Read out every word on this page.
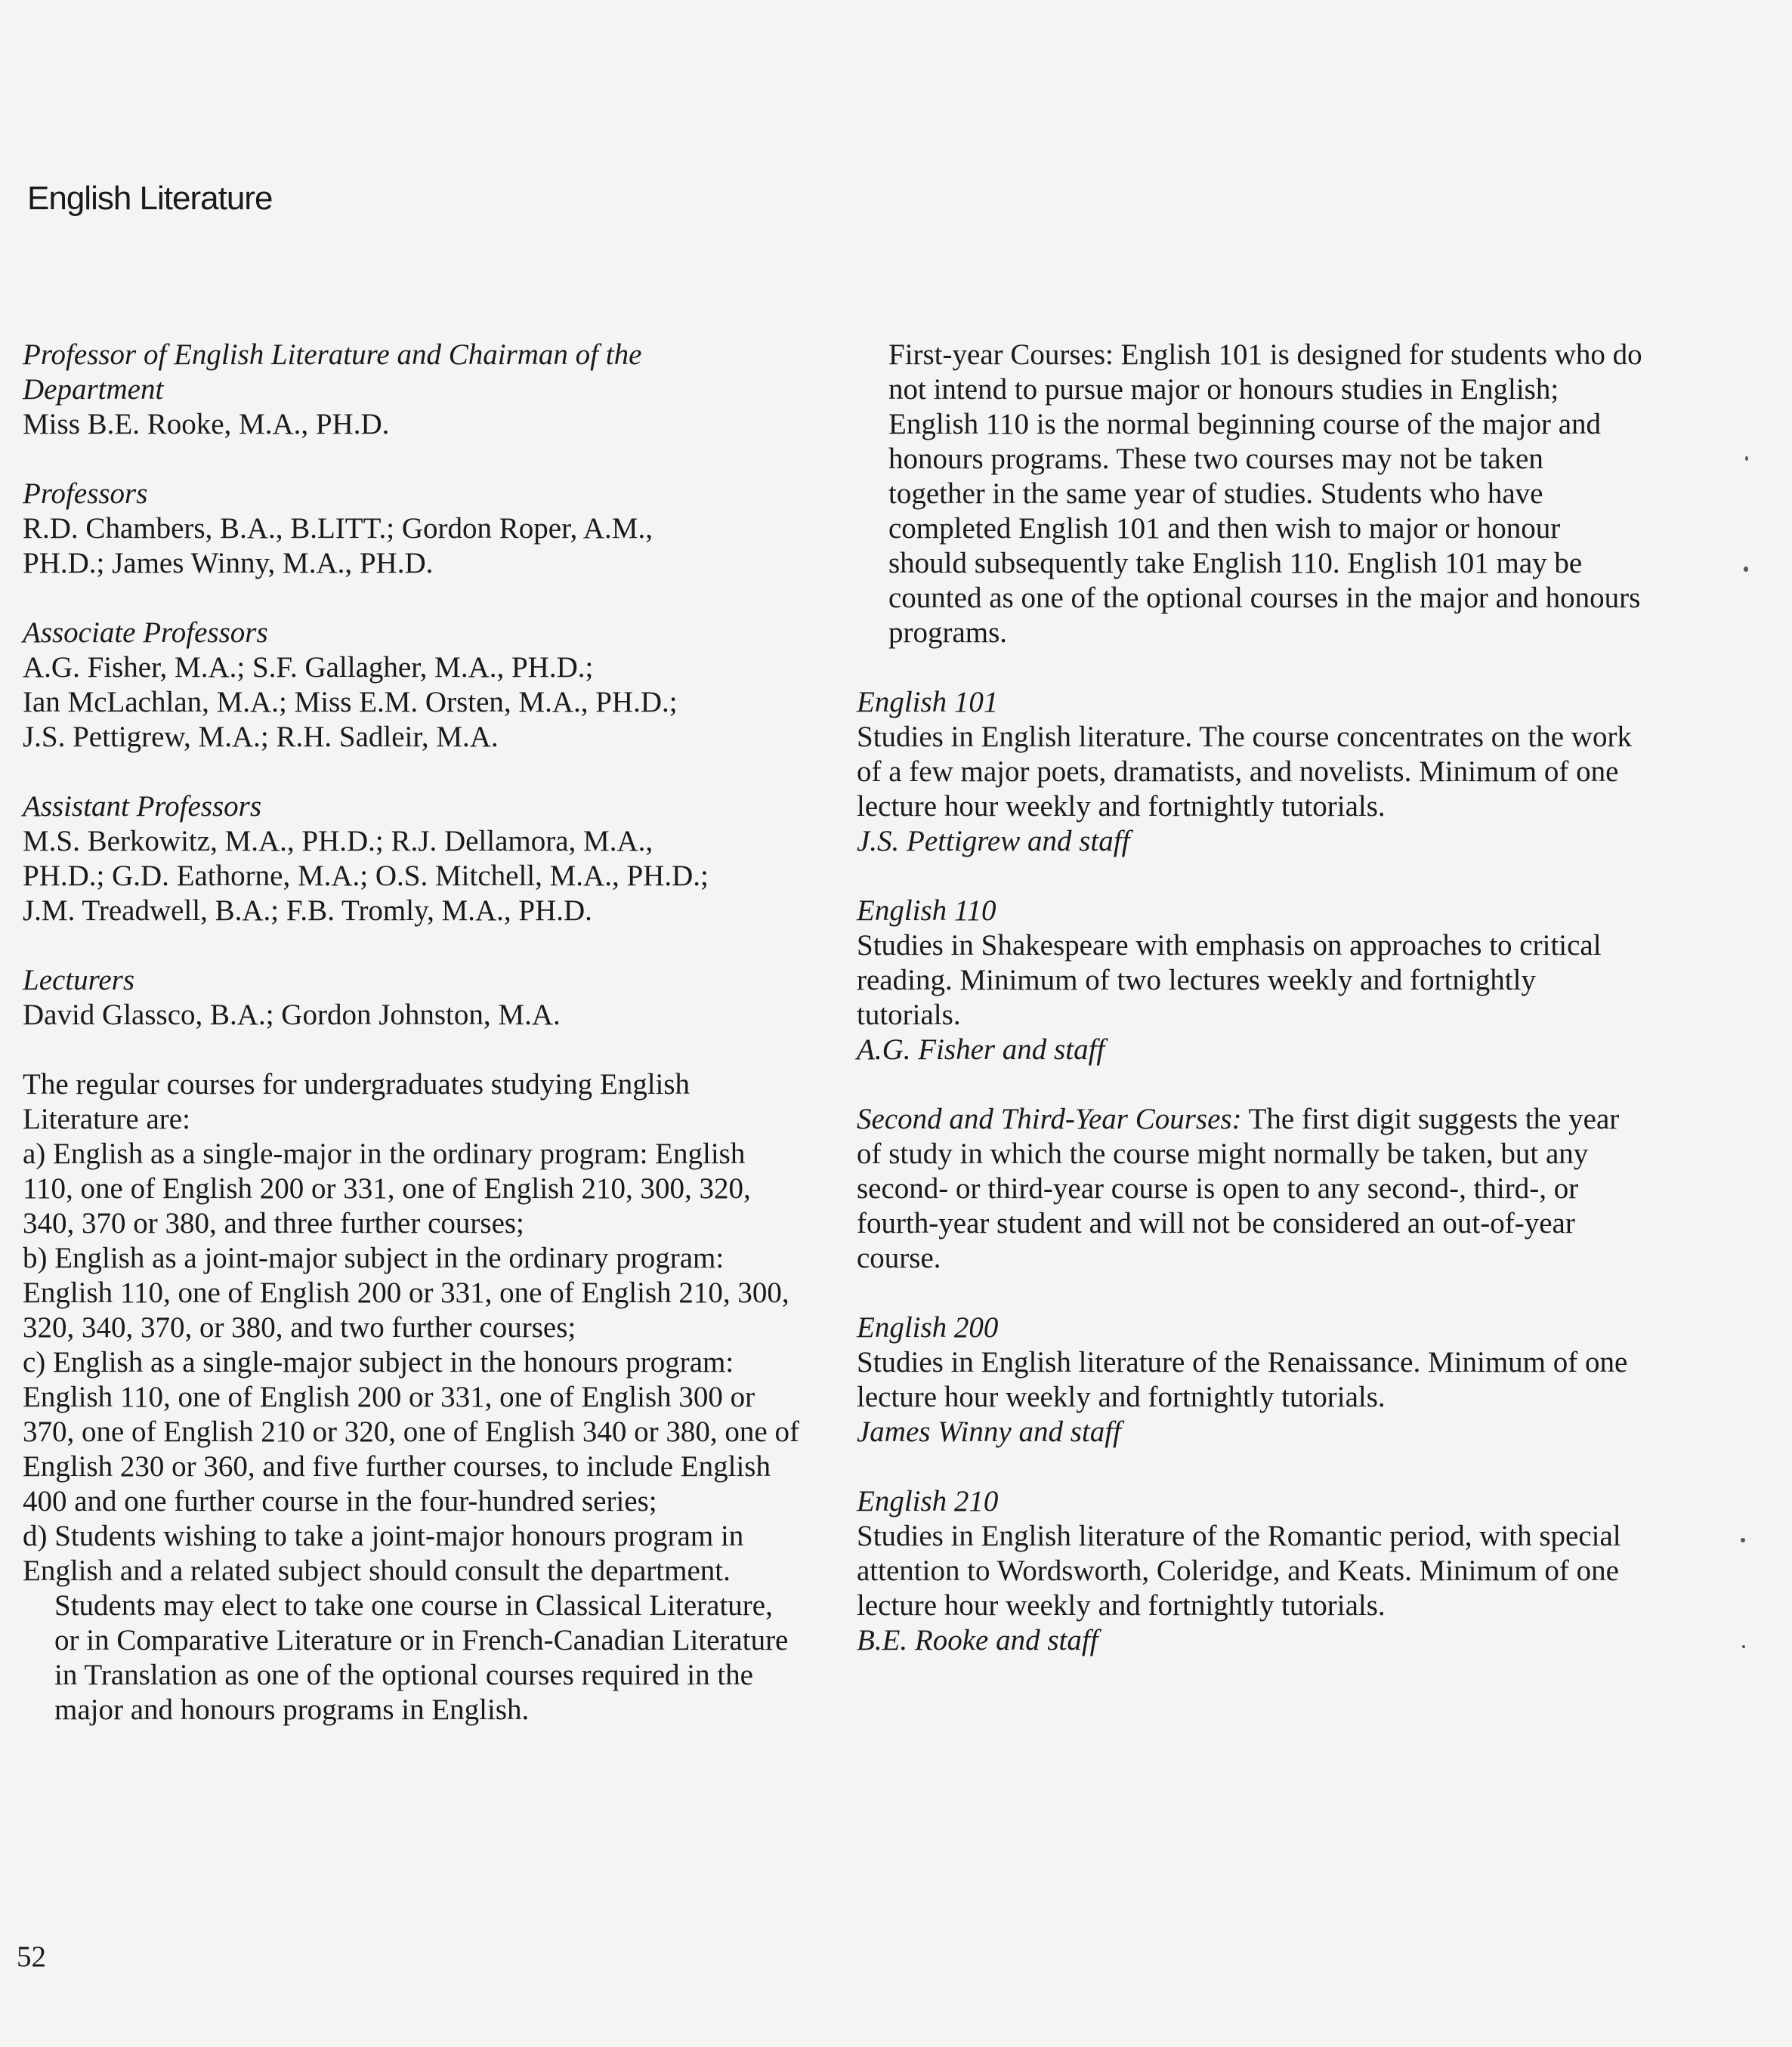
English Literature
Professor of English Literature and Chairman of the Department
Miss B.E. Rooke, M.A., PH.D.
Professors
R.D. Chambers, B.A., B.LITT.; Gordon Roper, A.M.,
PH.D.; James Winny, M.A., PH.D.
Associate Professors
A.G. Fisher, M.A.; S.F. Gallagher, M.A., PH.D.;
Ian McLachlan, M.A.; Miss E.M. Orsten, M.A., PH.D.;
J.S. Pettigrew, M.A.; R.H. Sadleir, M.A.
Assistant Professors
M.S. Berkowitz, M.A., PH.D.; R.J. Dellamora, M.A.,
PH.D.; G.D. Eathorne, M.A.; O.S. Mitchell, M.A., PH.D.;
J.M. Treadwell, B.A.; F.B. Tromly, M.A., PH.D.
Lecturers
David Glassco, B.A.; Gordon Johnston, M.A.
The regular courses for undergraduates studying English Literature are:
a) English as a single-major in the ordinary program: English 110, one of English 200 or 331, one of English 210, 300, 320, 340, 370 or 380, and three further courses;
b) English as a joint-major subject in the ordinary program: English 110, one of English 200 or 331, one of English 210, 300, 320, 340, 370, or 380, and two further courses;
c) English as a single-major subject in the honours program: English 110, one of English 200 or 331, one of English 300 or 370, one of English 210 or 320, one of English 340 or 380, one of English 230 or 360, and five further courses, to include English 400 and one further course in the four-hundred series;
d) Students wishing to take a joint-major honours program in English and a related subject should consult the department.
Students may elect to take one course in Classical Literature, or in Comparative Literature or in French-Canadian Literature in Translation as one of the optional courses required in the major and honours programs in English.
First-year Courses: English 101 is designed for students who do not intend to pursue major or honours studies in English; English 110 is the normal beginning course of the major and honours programs. These two courses may not be taken together in the same year of studies. Students who have completed English 101 and then wish to major or honour should subsequently take English 110. English 101 may be counted as one of the optional courses in the major and honours programs.
English 101
Studies in English literature. The course concentrates on the work of a few major poets, dramatists, and novelists. Minimum of one lecture hour weekly and fortnightly tutorials.
J.S. Pettigrew and staff
English 110
Studies in Shakespeare with emphasis on approaches to critical reading. Minimum of two lectures weekly and fortnightly tutorials.
A.G. Fisher and staff
Second and Third-Year Courses: The first digit suggests the year of study in which the course might normally be taken, but any second- or third-year course is open to any second-, third-, or fourth-year student and will not be considered an out-of-year course.
English 200
Studies in English literature of the Renaissance. Minimum of one lecture hour weekly and fortnightly tutorials.
James Winny and staff
English 210
Studies in English literature of the Romantic period, with special attention to Wordsworth, Coleridge, and Keats. Minimum of one lecture hour weekly and fortnightly tutorials.
B.E. Rooke and staff
52
